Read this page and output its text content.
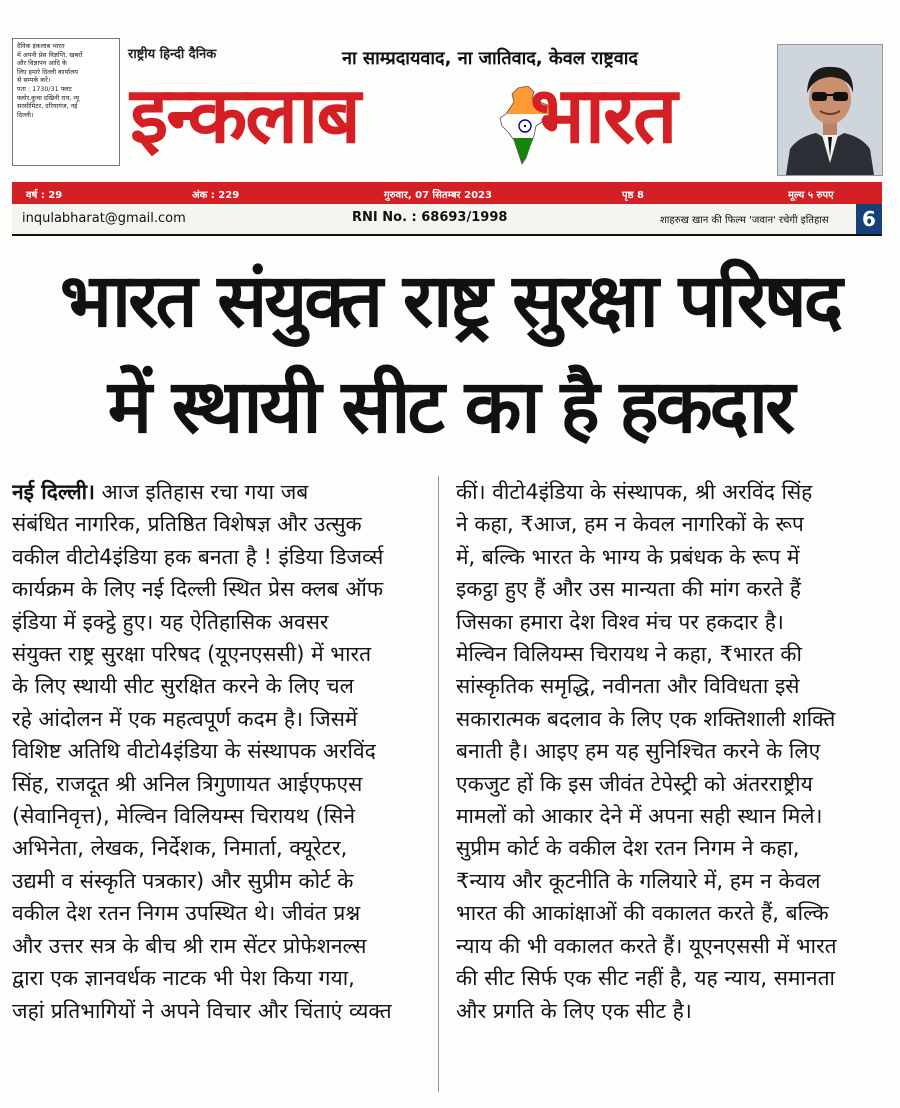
दैनिक इंकलाब भारत
में अपनी प्रेस विज्ञप्ति, खबरों
और विज्ञापन आदि के
लिए हमारे दिल्ली कार्यालय
से सम्पर्क करें।
पता : 1730/31 फ्लट
फ्लोर,कूचा दखिनी राय, न्यू
सरसीमिटर, दरियागंज, नई
दिल्ली।
राष्ट्रीय हिन्दी दैनिक	ना साम्प्रदायवाद, ना जातिवाद, केवल राष्ट्रवाद
इन्कलाब भारत
वर्ष : 29	अंक : 229	गुरुवार, 07 सितम्बर 2023	पृष्ठ 8	मूल्य ५ रुपए
inqulabharat@gmail.com	RNI No. : 68693/1998	शाहरुख खान की फिल्म 'जवान' रचेगी इतिहास	6
भारत संयुक्त राष्ट्र सुरक्षा परिषद
में स्थायी सीट का है हकदार
नई दिल्ली। आज इतिहास रचा गया जब
संबंधित नागरिक, प्रतिष्ठित विशेषज्ञ और उत्सुक
वकील वीटो4इंडिया हक बनता है ! इंडिया डिजर्व्स
कार्यक्रम के लिए नई दिल्ली स्थित प्रेस क्लब ऑफ
इंडिया में इक्ट्ठे हुए। यह ऐतिहासिक अवसर
संयुक्त राष्ट्र सुरक्षा परिषद (यूएनएससी) में भारत
के लिए स्थायी सीट सुरक्षित करने के लिए चल
रहे आंदोलन में एक महत्वपूर्ण कदम है। जिसमें
विशिष्ट अतिथि वीटो4इंडिया के संस्थापक अरविंद
सिंह, राजदूत श्री अनिल त्रिगुणायत आईएफएस
(सेवानिवृत्त), मेल्विन विलियम्स चिरायथ (सिने
अभिनेता, लेखक, निर्देशक, निमार्ता, क्यूरेटर,
उद्यमी व संस्कृति पत्रकार) और सुप्रीम कोर्ट के
वकील देश रतन निगम उपस्थित थे। जीवंत प्रश्न
और उत्तर सत्र के बीच श्री राम सेंटर प्रोफेशनल्स
द्वारा एक ज्ञानवर्धक नाटक भी पेश किया गया,
जहां प्रतिभागियों ने अपने विचार और चिंताएं व्यक्त
कीं। वीटो4इंडिया के संस्थापक, श्री अरविंद सिंह
ने कहा, ₹आज, हम न केवल नागरिकों के रूप
में, बल्कि भारत के भाग्य के प्रबंधक के रूप में
इकट्ठा हुए हैं और उस मान्यता की मांग करते हैं
जिसका हमारा देश विश्व मंच पर हकदार है।
मेल्विन विलियम्स चिरायथ ने कहा, ₹भारत की
सांस्कृतिक समृद्धि, नवीनता और विविधता इसे
सकारात्मक बदलाव के लिए एक शक्तिशाली शक्ति
बनाती है। आइए हम यह सुनिश्चित करने के लिए
एकजुट हों कि इस जीवंत टेपेस्ट्री को अंतरराष्ट्रीय
मामलों को आकार देने में अपना सही स्थान मिले।
सुप्रीम कोर्ट के वकील देश रतन निगम ने कहा,
₹न्याय और कूटनीति के गलियारे में, हम न केवल
भारत की आकांक्षाओं की वकालत करते हैं, बल्कि
न्याय की भी वकालत करते हैं। यूएनएससी में भारत
की सीट सिर्फ एक सीट नहीं है, यह न्याय, समानता
और प्रगति के लिए एक सीट है।
